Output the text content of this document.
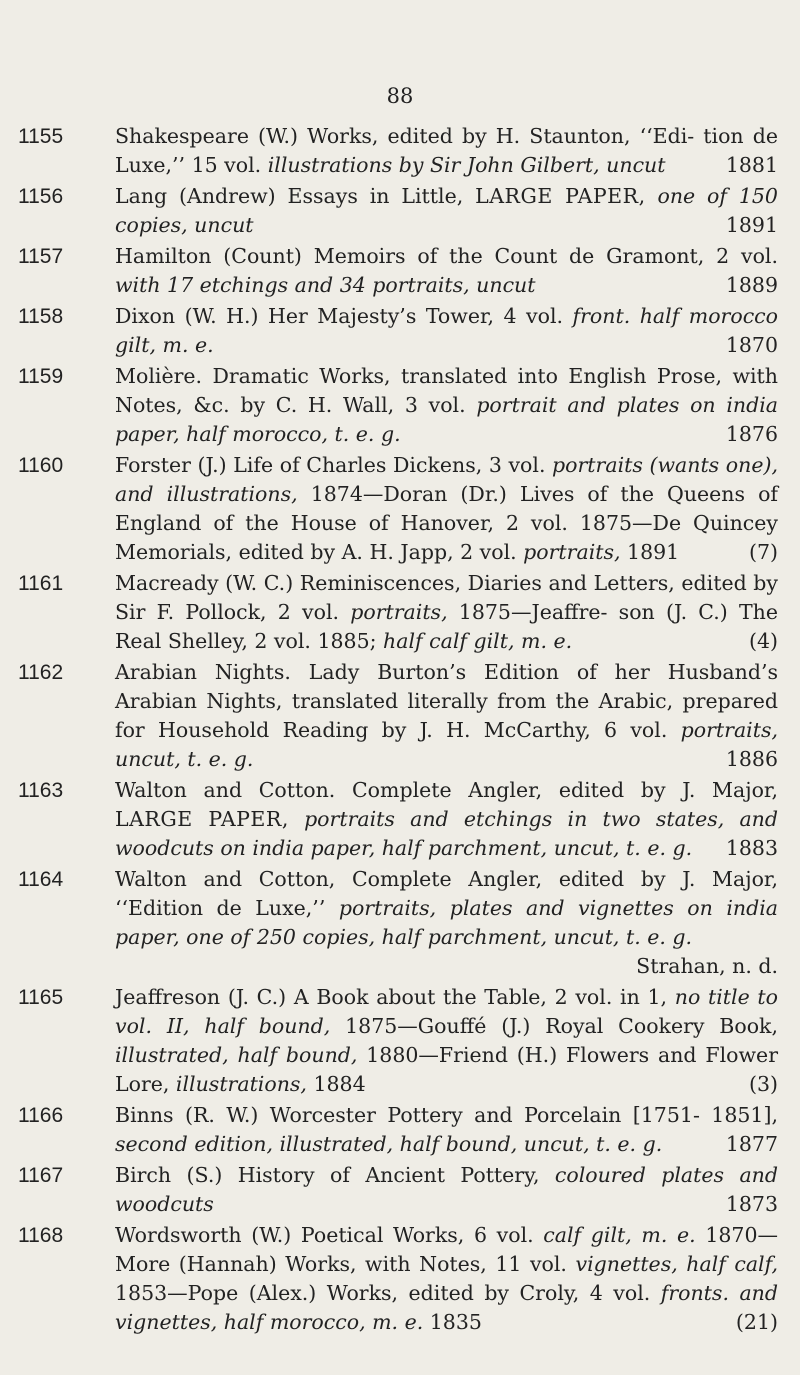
88
1155	Shakespeare (W.) Works, edited by H. Staunton, ‘‘Edi- tion de Luxe,’’ 15 vol. illustrations by Sir John Gilbert, uncut	1881
1156	Lang (Andrew) Essays in Little, LARGE PAPER, one of 150 copies, uncut	1891
1157	Hamilton (Count) Memoirs of the Count de Gramont, 2 vol. with 17 etchings and 34 portraits, uncut	1889
1158	Dixon (W. H.) Her Majesty’s Tower, 4 vol. front. half morocco gilt, m. e.	1870
1159	Molière. Dramatic Works, translated into English Prose, with Notes, &c. by C. H. Wall, 3 vol. portrait and plates on india paper, half morocco, t. e. g.	1876
1160	Forster (J.) Life of Charles Dickens, 3 vol. portraits (wants one), and illustrations, 1874—Doran (Dr.) Lives of the Queens of England of the House of Hanover, 2 vol. 1875—De Quincey Memorials, edited by A. H. Japp, 2 vol. portraits, 1891	(7)
1161	Macready (W. C.) Reminiscences, Diaries and Letters, edited by Sir F. Pollock, 2 vol. portraits, 1875—Jeaffre- son (J. C.) The Real Shelley, 2 vol. 1885; half calf gilt, m. e.	(4)
1162	Arabian Nights. Lady Burton’s Edition of her Husband’s Arabian Nights, translated literally from the Arabic, prepared for Household Reading by J. H. McCarthy, 6 vol. portraits, uncut, t. e. g.	1886
1163	Walton and Cotton. Complete Angler, edited by J. Major, LARGE PAPER, portraits and etchings in two states, and woodcuts on india paper, half parchment, uncut, t. e. g. 1883
1164	Walton and Cotton, Complete Angler, edited by J. Major, ‘‘Edition de Luxe,’’ portraits, plates and vignettes on india paper, one of 250 copies, half parchment, uncut, t. e. g.
Strahan, n. d.
1165	Jeaffreson (J. C.) A Book about the Table, 2 vol. in 1, no title to vol. II, half bound, 1875—Gouffé (J.) Royal Cookery Book, illustrated, half bound, 1880—Friend (H.) Flowers and Flower Lore, illustrations, 1884	(3)
1166	Binns (R. W.) Worcester Pottery and Porcelain [1751- 1851], second edition, illustrated, half bound, uncut, t. e. g.	1877
1167	Birch (S.) History of Ancient Pottery, coloured plates and woodcuts	1873
1168	Wordsworth (W.) Poetical Works, 6 vol. calf gilt, m. e. 1870—More (Hannah) Works, with Notes, 11 vol. vignettes, half calf, 1853—Pope (Alex.) Works, edited by Croly, 4 vol. fronts. and vignettes, half morocco, m. e. 1835	(21)
